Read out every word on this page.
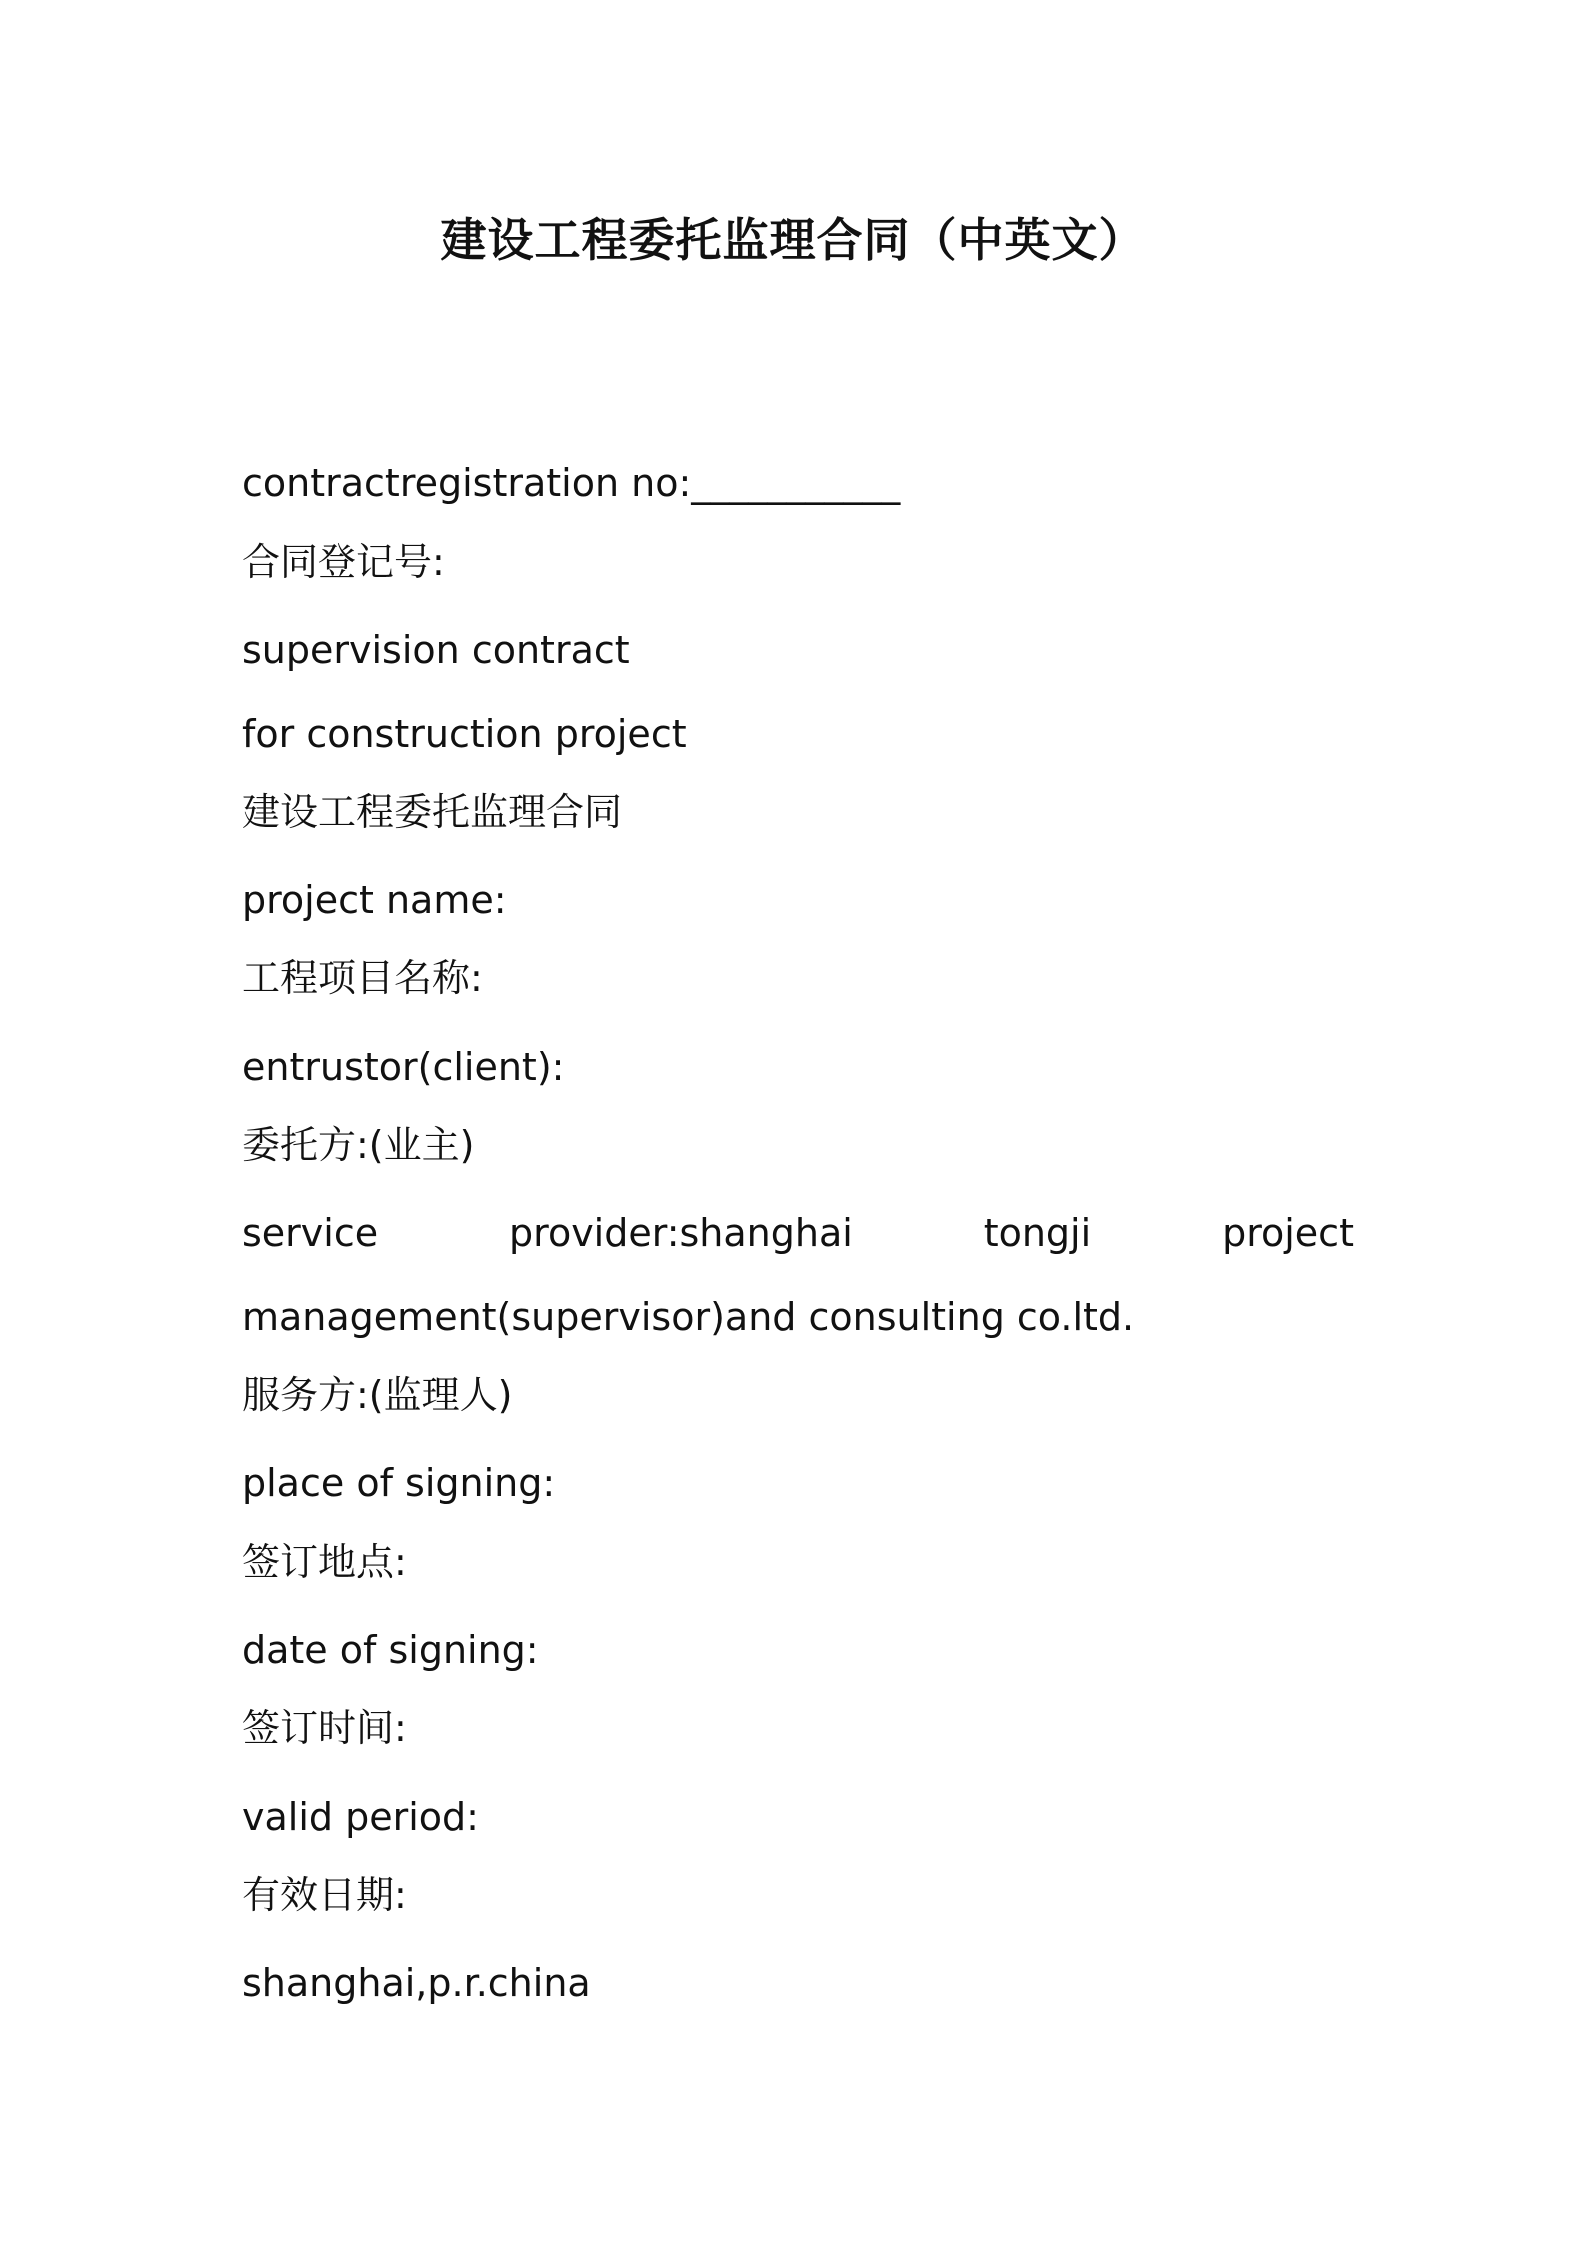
建设工程委托监理合同（中英文）
contractregistration no:___________
合同登记号:
supervision contract
for construction project
建设工程委托监理合同
project name:
工程项目名称:
entrustor(client):
委托方:(业主)
service	provider:shanghai	tongji	project
management(supervisor)and consulting co.ltd.
服务方:(监理人)
place of signing:
签订地点:
date of signing:
签订时间:
valid period:
有效日期:
shanghai,p.r.china
